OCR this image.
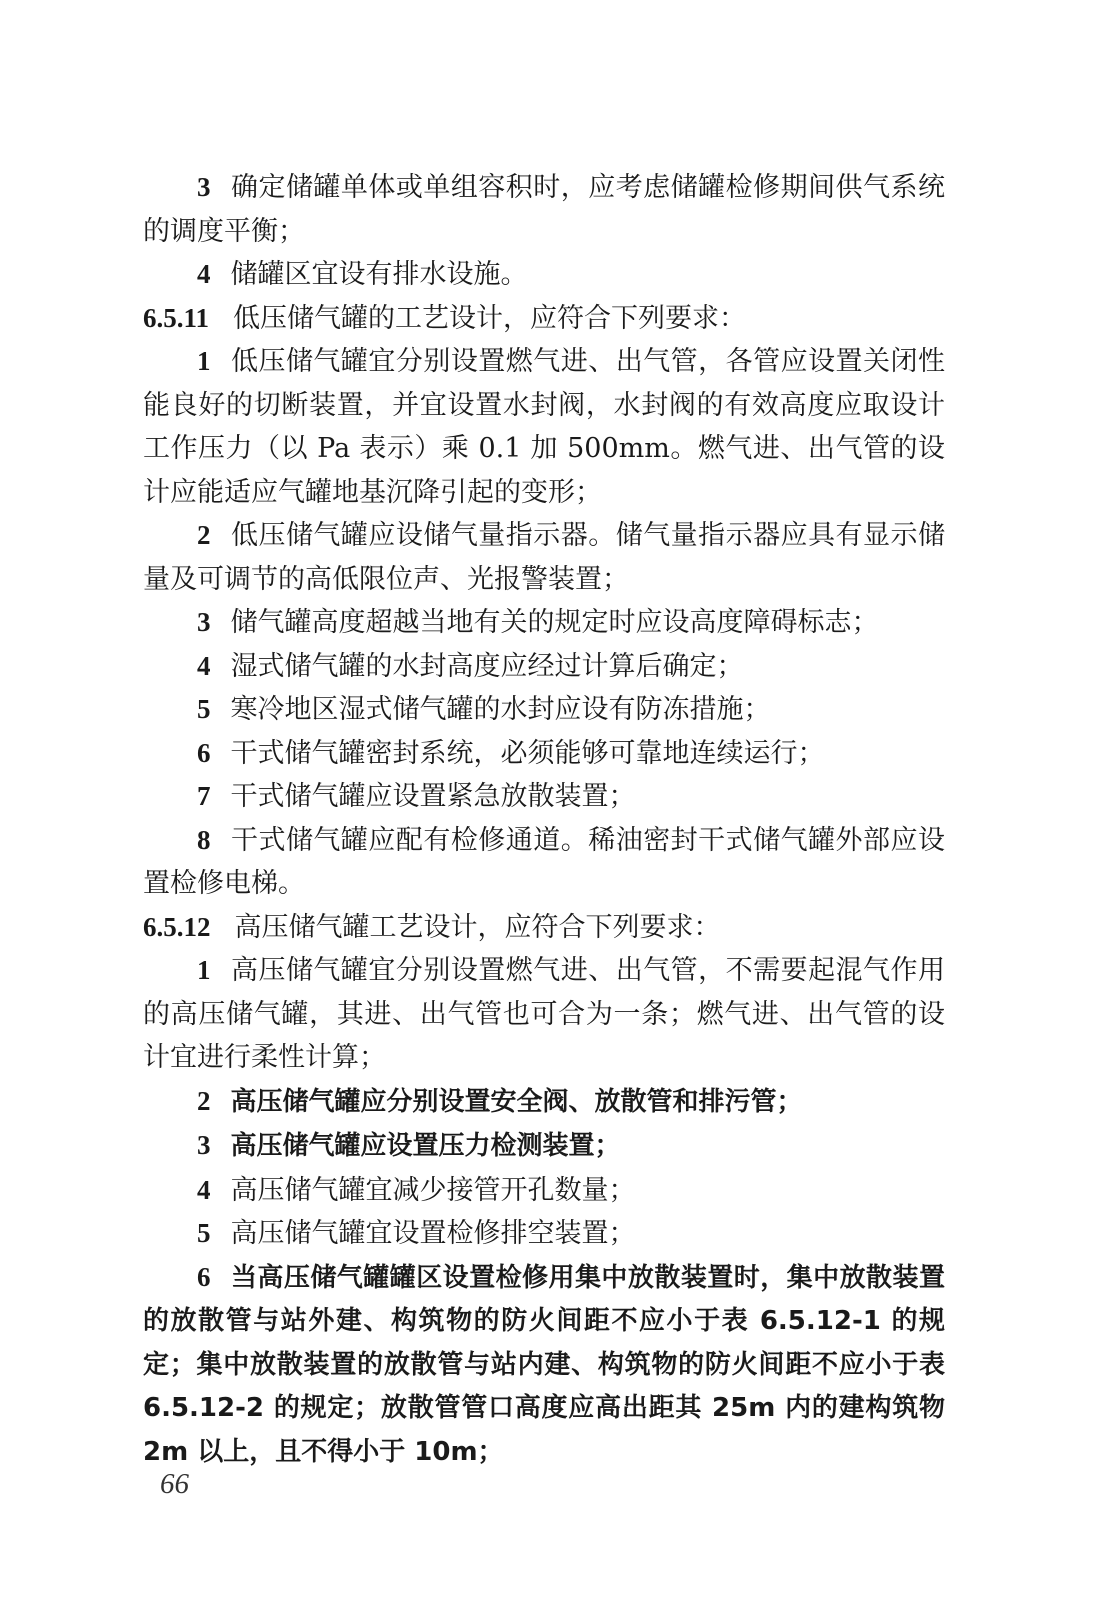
3 确定储罐单体或单组容积时，应考虑储罐检修期间供气系统的调度平衡；

4 储罐区宜设有排水设施。

6.5.11 低压储气罐的工艺设计，应符合下列要求：

1 低压储气罐宜分别设置燃气进、出气管，各管应设置关闭性能良好的切断装置，并宜设置水封阀，水封阀的有效高度应取设计工作压力（以 Pa 表示）乘 0.1 加 500mm。燃气进、出气管的设计应能适应气罐地基沉降引起的变形；

2 低压储气罐应设储气量指示器。储气量指示器应具有显示储量及可调节的高低限位声、光报警装置；

3 储气罐高度超越当地有关的规定时应设高度障碍标志；

4 湿式储气罐的水封高度应经过计算后确定；

5 寒冷地区湿式储气罐的水封应设有防冻措施；

6 干式储气罐密封系统，必须能够可靠地连续运行；

7 干式储气罐应设置紧急放散装置；

8 干式储气罐应配有检修通道。稀油密封干式储气罐外部应设置检修电梯。

6.5.12 高压储气罐工艺设计，应符合下列要求：

1 高压储气罐宜分别设置燃气进、出气管，不需要起混气作用的高压储气罐，其进、出气管也可合为一条；燃气进、出气管的设计宜进行柔性计算；

2 高压储气罐应分别设置安全阀、放散管和排污管；

3 高压储气罐应设置压力检测装置；

4 高压储气罐宜减少接管开孔数量；

5 高压储气罐宜设置检修排空装置；

6 当高压储气罐罐区设置检修用集中放散装置时，集中放散装置的放散管与站外建、构筑物的防火间距不应小于表 6.5.12-1 的规定；集中放散装置的放散管与站内建、构筑物的防火间距不应小于表 6.5.12-2 的规定；放散管管口高度应高出距其 25m 内的建构筑物 2m 以上，且不得小于 10m；

66
